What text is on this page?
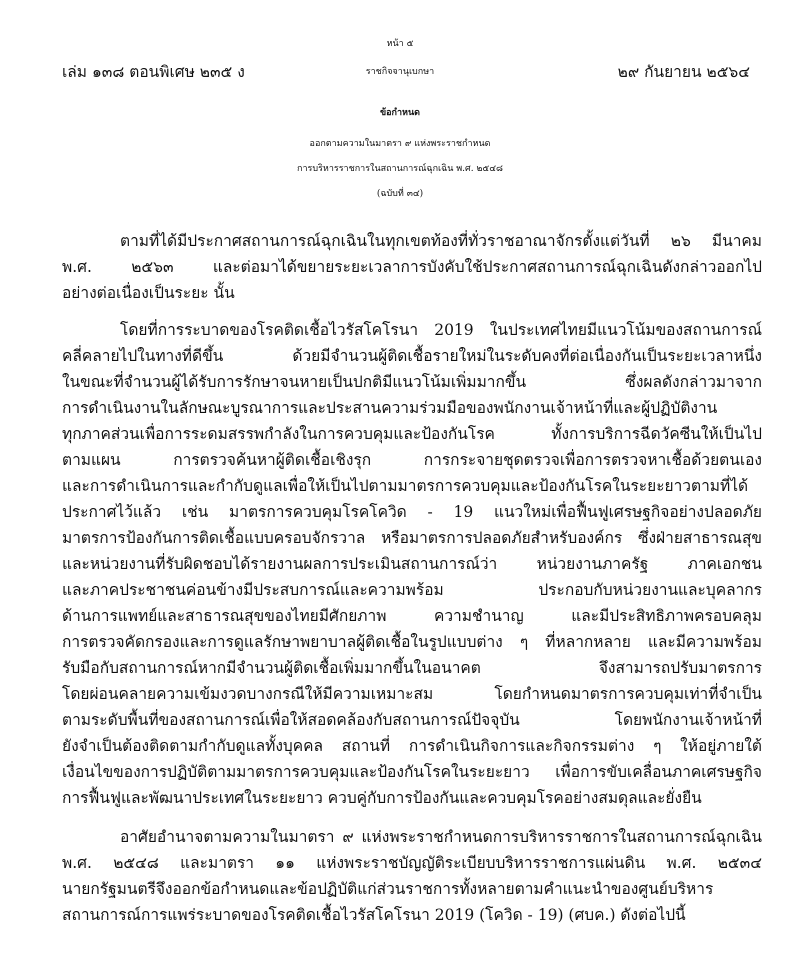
หน้า ๕
เล่ม ๑๓๘ ตอนพิเศษ ๒๓๕ ง	ราชกิจจานุเบกษา	๒๙ กันยายน ๒๕๖๔
ข้อกำหนด
ออกตามความในมาตรา ๙ แห่งพระราชกำหนด
การบริหารราชการในสถานการณ์ฉุกเฉิน พ.ศ. ๒๕๔๘
(ฉบับที่ ๓๔)
ตามที่ได้มีประกาศสถานการณ์ฉุกเฉินในทุกเขตท้องที่ทั่วราชอาณาจักรตั้งแต่วันที่ ๒๖ มีนาคม
พ.ศ. ๒๕๖๓ และต่อมาได้ขยายระยะเวลาการบังคับใช้ประกาศสถานการณ์ฉุกเฉินดังกล่าวออกไป
อย่างต่อเนื่องเป็นระยะ นั้น
โดยที่การระบาดของโรคติดเชื้อไวรัสโคโรนา 2019 ในประเทศไทยมีแนวโน้มของสถานการณ์
คลี่คลายไปในทางที่ดีขึ้น ด้วยมีจำนวนผู้ติดเชื้อรายใหม่ในระดับคงที่ต่อเนื่องกันเป็นระยะเวลาหนึ่ง
ในขณะที่จำนวนผู้ได้รับการรักษาจนหายเป็นปกติมีแนวโน้มเพิ่มมากขึ้น ซึ่งผลดังกล่าวมาจาก
การดำเนินงานในลักษณะบูรณาการและประสานความร่วมมือของพนักงานเจ้าหน้าที่และผู้ปฏิบัติงาน
ทุกภาคส่วนเพื่อการระดมสรรพกำลังในการควบคุมและป้องกันโรค ทั้งการบริการฉีดวัคซีนให้เป็นไป
ตามแผน การตรวจค้นหาผู้ติดเชื้อเชิงรุก การกระจายชุดตรวจเพื่อการตรวจหาเชื้อด้วยตนเอง
และการดำเนินการและกำกับดูแลเพื่อให้เป็นไปตามมาตรการควบคุมและป้องกันโรคในระยะยาวตามที่ได้
ประกาศไว้แล้ว เช่น มาตรการควบคุมโรคโควิด - 19 แนวใหม่เพื่อฟื้นฟูเศรษฐกิจอย่างปลอดภัย
มาตรการป้องกันการติดเชื้อแบบครอบจักรวาล หรือมาตรการปลอดภัยสำหรับองค์กร ซึ่งฝ่ายสาธารณสุข
และหน่วยงานที่รับผิดชอบได้รายงานผลการประเมินสถานการณ์ว่า หน่วยงานภาครัฐ ภาคเอกชน
และภาคประชาชนค่อนข้างมีประสบการณ์และความพร้อม ประกอบกับหน่วยงานและบุคลากร
ด้านการแพทย์และสาธารณสุขของไทยมีศักยภาพ ความชำนาญ และมีประสิทธิภาพครอบคลุม
การตรวจคัดกรองและการดูแลรักษาพยาบาลผู้ติดเชื้อในรูปแบบต่าง ๆ ที่หลากหลาย และมีความพร้อม
รับมือกับสถานการณ์หากมีจำนวนผู้ติดเชื้อเพิ่มมากขึ้นในอนาคต จึงสามารถปรับมาตรการ
โดยผ่อนคลายความเข้มงวดบางกรณีให้มีความเหมาะสม โดยกำหนดมาตรการควบคุมเท่าที่จำเป็น
ตามระดับพื้นที่ของสถานการณ์เพื่อให้สอดคล้องกับสถานการณ์ปัจจุบัน โดยพนักงานเจ้าหน้าที่
ยังจำเป็นต้องติดตามกำกับดูแลทั้งบุคคล สถานที่ การดำเนินกิจการและกิจกรรมต่าง ๆ ให้อยู่ภายใต้
เงื่อนไขของการปฏิบัติตามมาตรการควบคุมและป้องกันโรคในระยะยาว เพื่อการขับเคลื่อนภาคเศรษฐกิจ
การฟื้นฟูและพัฒนาประเทศในระยะยาว ควบคู่กับการป้องกันและควบคุมโรคอย่างสมดุลและยั่งยืน
อาศัยอำนาจตามความในมาตรา ๙ แห่งพระราชกำหนดการบริหารราชการในสถานการณ์ฉุกเฉิน
พ.ศ. ๒๕๔๘ และมาตรา ๑๑ แห่งพระราชบัญญัติระเบียบบริหารราชการแผ่นดิน พ.ศ. ๒๕๓๔
นายกรัฐมนตรีจึงออกข้อกำหนดและข้อปฏิบัติแก่ส่วนราชการทั้งหลายตามคำแนะนำของศูนย์บริหาร
สถานการณ์การแพร่ระบาดของโรคติดเชื้อไวรัสโคโรนา 2019 (โควิด - 19) (ศบค.) ดังต่อไปนี้
